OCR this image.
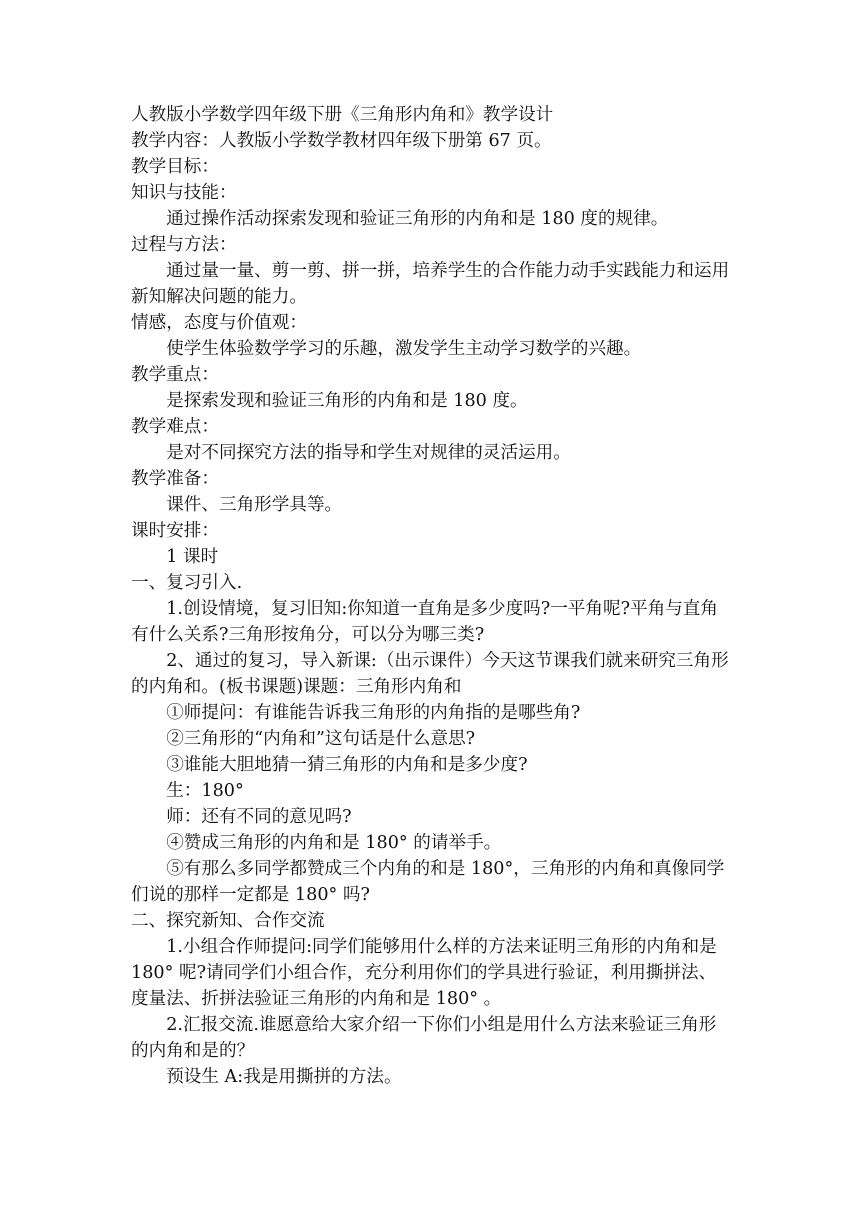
人教版小学数学四年级下册《三角形内角和》教学设计
教学内容：人教版小学数学教材四年级下册第 67 页。
教学目标：
知识与技能：
通过操作活动探索发现和验证三角形的内角和是 180 度的规律。
过程与方法：
通过量一量、剪一剪、拼一拼，培养学生的合作能力动手实践能力和运用新知解决问题的能力。
情感，态度与价值观：
使学生体验数学学习的乐趣，激发学生主动学习数学的兴趣。
教学重点：
是探索发现和验证三角形的内角和是 180 度。
教学难点：
是对不同探究方法的指导和学生对规律的灵活运用。
教学准备：
课件、三角形学具等。
课时安排：
1 课时
一、复习引入.
1.创设情境，复习旧知:你知道一直角是多少度吗?一平角呢?平角与直角有什么关系?三角形按角分，可以分为哪三类?
2、通过的复习，导入新课:（出示课件）今天这节课我们就来研究三角形的内角和。(板书课题)课题：三角形内角和
①师提问：有谁能告诉我三角形的内角指的是哪些角?
②三角形的“内角和”这句话是什么意思?
③谁能大胆地猜一猜三角形的内角和是多少度?
生：180°
师：还有不同的意见吗?
④赞成三角形的内角和是 180° 的请举手。
⑤有那么多同学都赞成三个内角的和是 180°，三角形的内角和真像同学们说的那样一定都是 180° 吗?
二、探究新知、合作交流
1.小组合作师提问:同学们能够用什么样的方法来证明三角形的内角和是 180° 呢?请同学们小组合作，充分利用你们的学具进行验证，利用撕拼法、度量法、折拼法验证三角形的内角和是 180° 。
2.汇报交流.谁愿意给大家介绍一下你们小组是用什么方法来验证三角形的内角和是的？
预设生 A:我是用撕拼的方法。
